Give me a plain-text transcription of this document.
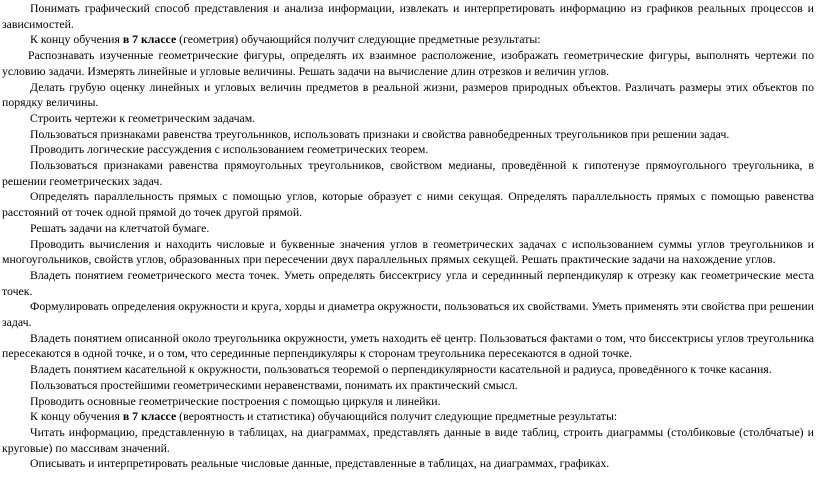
Понимать графический способ представления и анализа информации, извлекать и интерпретировать информацию из графиков реальных процессов и зависимостей.

К концу обучения в 7 классе (геометрия) обучающийся получит следующие предметные результаты:

Распознавать изученные геометрические фигуры, определять их взаимное расположение, изображать геометрические фигуры, выполнять чертежи по условию задачи. Измерять линейные и угловые величины. Решать задачи на вычисление длин отрезков и величин углов.

Делать грубую оценку линейных и угловых величин предметов в реальной жизни, размеров природных объектов. Различать размеры этих объектов по порядку величины.

Строить чертежи к геометрическим задачам.

Пользоваться признаками равенства треугольников, использовать признаки и свойства равнобедренных треугольников при решении задач.

Проводить логические рассуждения с использованием геометрических теорем.

Пользоваться признаками равенства прямоугольных треугольников, свойством медианы, проведённой к гипотенузе прямоугольного треугольника, в решении геометрических задач.

Определять параллельность прямых с помощью углов, которые образует с ними секущая. Определять параллельность прямых с помощью равенства расстояний от точек одной прямой до точек другой прямой.

Решать задачи на клетчатой бумаге.

Проводить вычисления и находить числовые и буквенные значения углов в геометрических задачах с использованием суммы углов треугольников и многоугольников, свойств углов, образованных при пересечении двух параллельных прямых секущей. Решать практические задачи на нахождение углов.

Владеть понятием геометрического места точек. Уметь определять биссектрису угла и серединный перпендикуляр к отрезку как геометрические места точек.

Формулировать определения окружности и круга, хорды и диаметра окружности, пользоваться их свойствами. Уметь применять эти свойства при решении задач.

Владеть понятием описанной около треугольника окружности, уметь находить её центр. Пользоваться фактами о том, что биссектрисы углов треугольника пересекаются в одной точке, и о том, что серединные перпендикуляры к сторонам треугольника пересекаются в одной точке.

Владеть понятием касательной к окружности, пользоваться теоремой о перпендикулярности касательной и радиуса, проведённого к точке касания.

Пользоваться простейшими геометрическими неравенствами, понимать их практический смысл.

Проводить основные геометрические построения с помощью циркуля и линейки.

К концу обучения в 7 классе (вероятность и статистика) обучающийся получит следующие предметные результаты:

Читать информацию, представленную в таблицах, на диаграммах, представлять данные в виде таблиц, строить диаграммы (столбиковые (столбчатые) и круговые) по массивам значений.

Описывать и интерпретировать реальные числовые данные, представленные в таблицах, на диаграммах, графиках.
